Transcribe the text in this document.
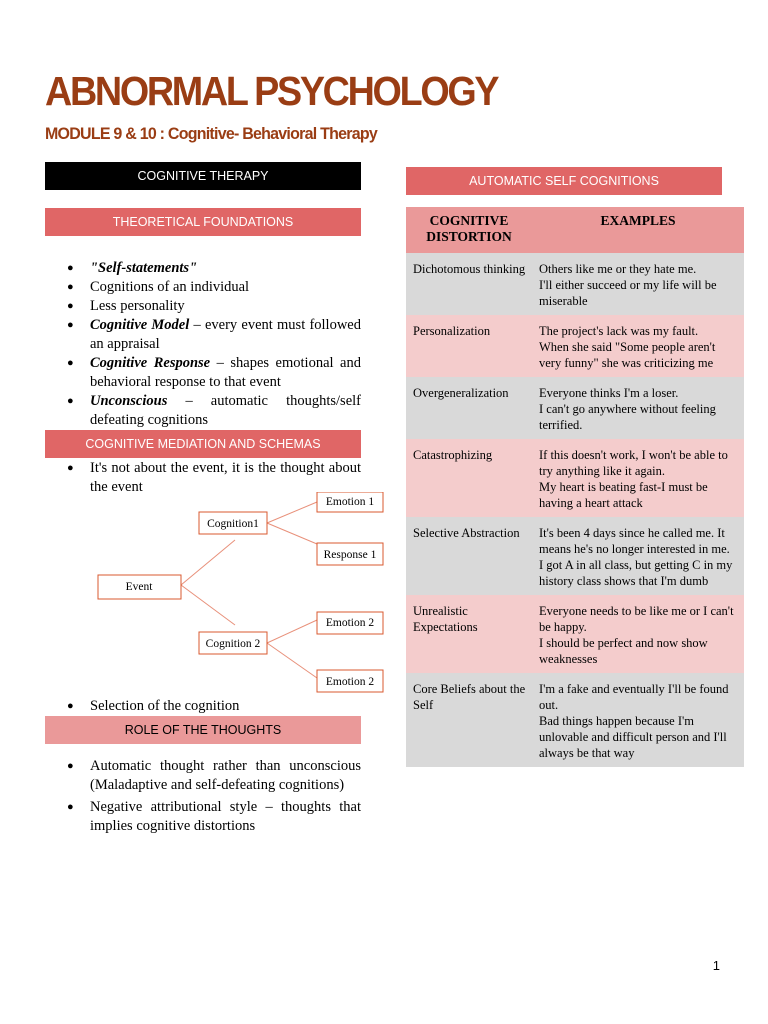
ABNORMAL PSYCHOLOGY
MODULE 9 & 10 : Cognitive- Behavioral Therapy
COGNITIVE THERAPY
THEORETICAL FOUNDATIONS
● "Self-statements"
● Cognitions of an individual
● Less personality
● Cognitive Model – every event must followed an appraisal
● Cognitive Response – shapes emotional and behavioral response to that event
● Unconscious – automatic thoughts/self defeating cognitions
COGNITIVE MEDIATION AND SCHEMAS
● It's not about the event, it is the thought about the event
Event
Cognition1
Cognition 2
Emotion 1
Response 1
Emotion 2
Emotion 2
● Selection of the cognition
ROLE OF THE THOUGHTS
● Automatic thought rather than unconscious (Maladaptive and self-defeating cognitions)
● Negative attributional style – thoughts that implies cognitive distortions
AUTOMATIC SELF COGNITIONS
COGNITIVE DISTORTION	EXAMPLES
Dichotomous thinking	Others like me or they hate me.
I'll either succeed or my life will be miserable
Personalization	The project's lack was my fault.
When she said "Some people aren't very funny" she was criticizing me
Overgeneralization	Everyone thinks I'm a loser.
I can't go anywhere without feeling terrified.
Catastrophizing	If this doesn't work, I won't be able to try anything like it again.
My heart is beating fast-I must be having a heart attack
Selective Abstraction	It's been 4 days since he called me. It means he's no longer interested in me.
I got A in all class, but getting C in my history class shows that I'm dumb
Unrealistic Expectations	Everyone needs to be like me or I can't be happy.
I should be perfect and now show weaknesses
Core Beliefs about the Self	I'm a fake and eventually I'll be found out.
Bad things happen because I'm unlovable and difficult person and I'll always be that way
1
